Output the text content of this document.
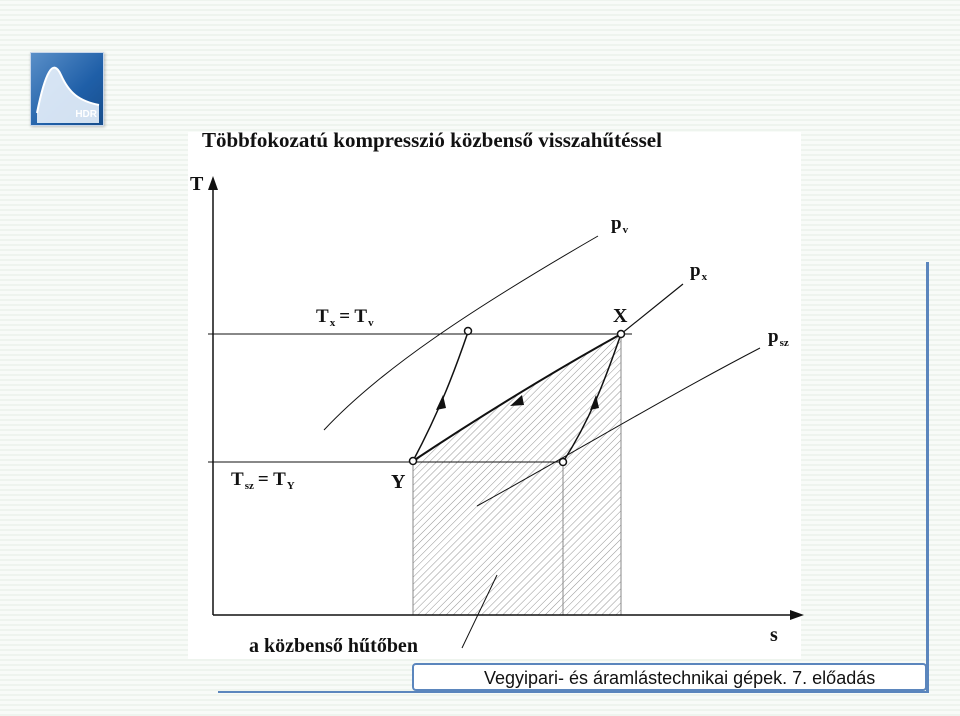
HDR
Többfokozatú kompresszió közbenső visszahűtéssel
T
s
$p_v$
$p_x$
$p_{sz}$
$T_x = T_v$
$T_{sz} = T_Y$
X
Y
a közbenső hűtőben
Vegyipari- és áramlástechnikai gépek. 7. előadás
